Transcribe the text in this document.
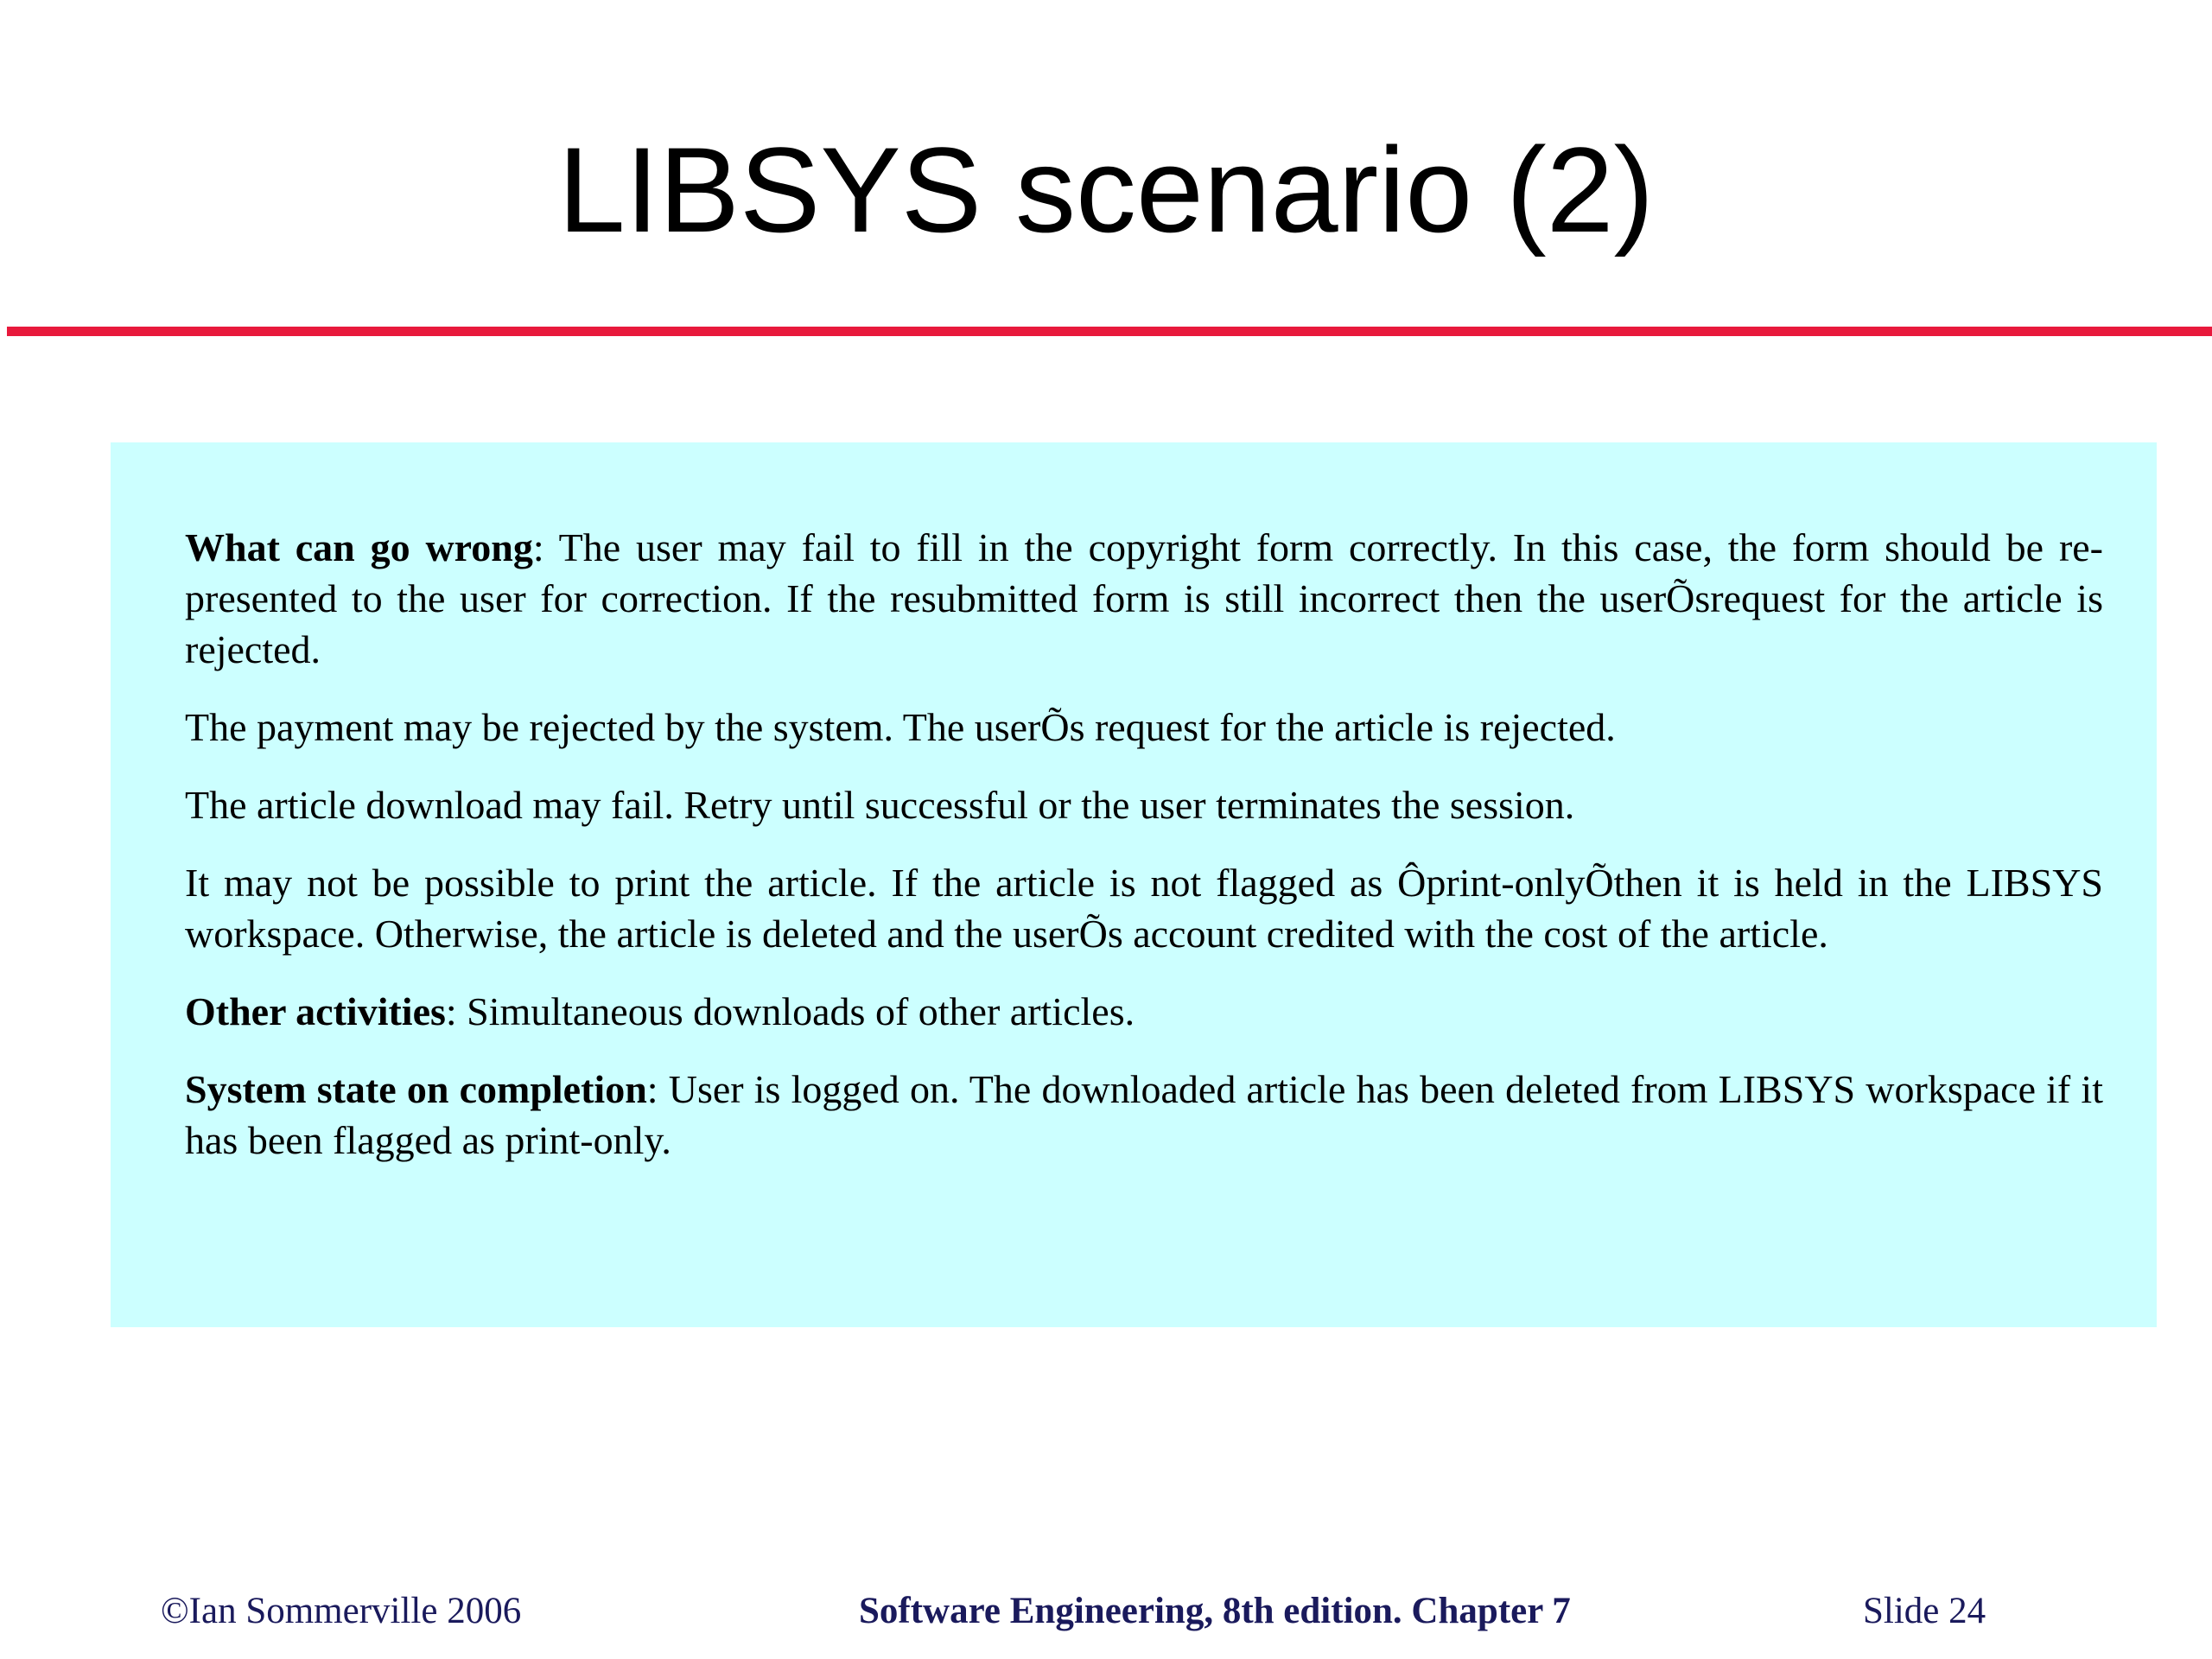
LIBSYS scenario (2)

What can go wrong: The user may fail to fill in the copyright form correctly. In this case, the form should be re-presented to the user for correction. If the resubmitted form is still incorrect then the userÕsrequest for the article is rejected.

The payment may be rejected by the system. The userÕs request for the article is rejected.

The article download may fail. Retry until successful or the user terminates the session.

It may not be possible to print the article. If the article is not flagged as Ôprint-onlyÕthen it is held in the LIBSYS workspace. Otherwise, the article is deleted and the userÕs account credited with the cost of the article.

Other activities: Simultaneous downloads of other articles.

System state on completion: User is logged on. The downloaded article has been deleted from LIBSYS workspace if it has been flagged as print-only.

©Ian Sommerville 2006	Software Engineering, 8th edition. Chapter 7	Slide 24
